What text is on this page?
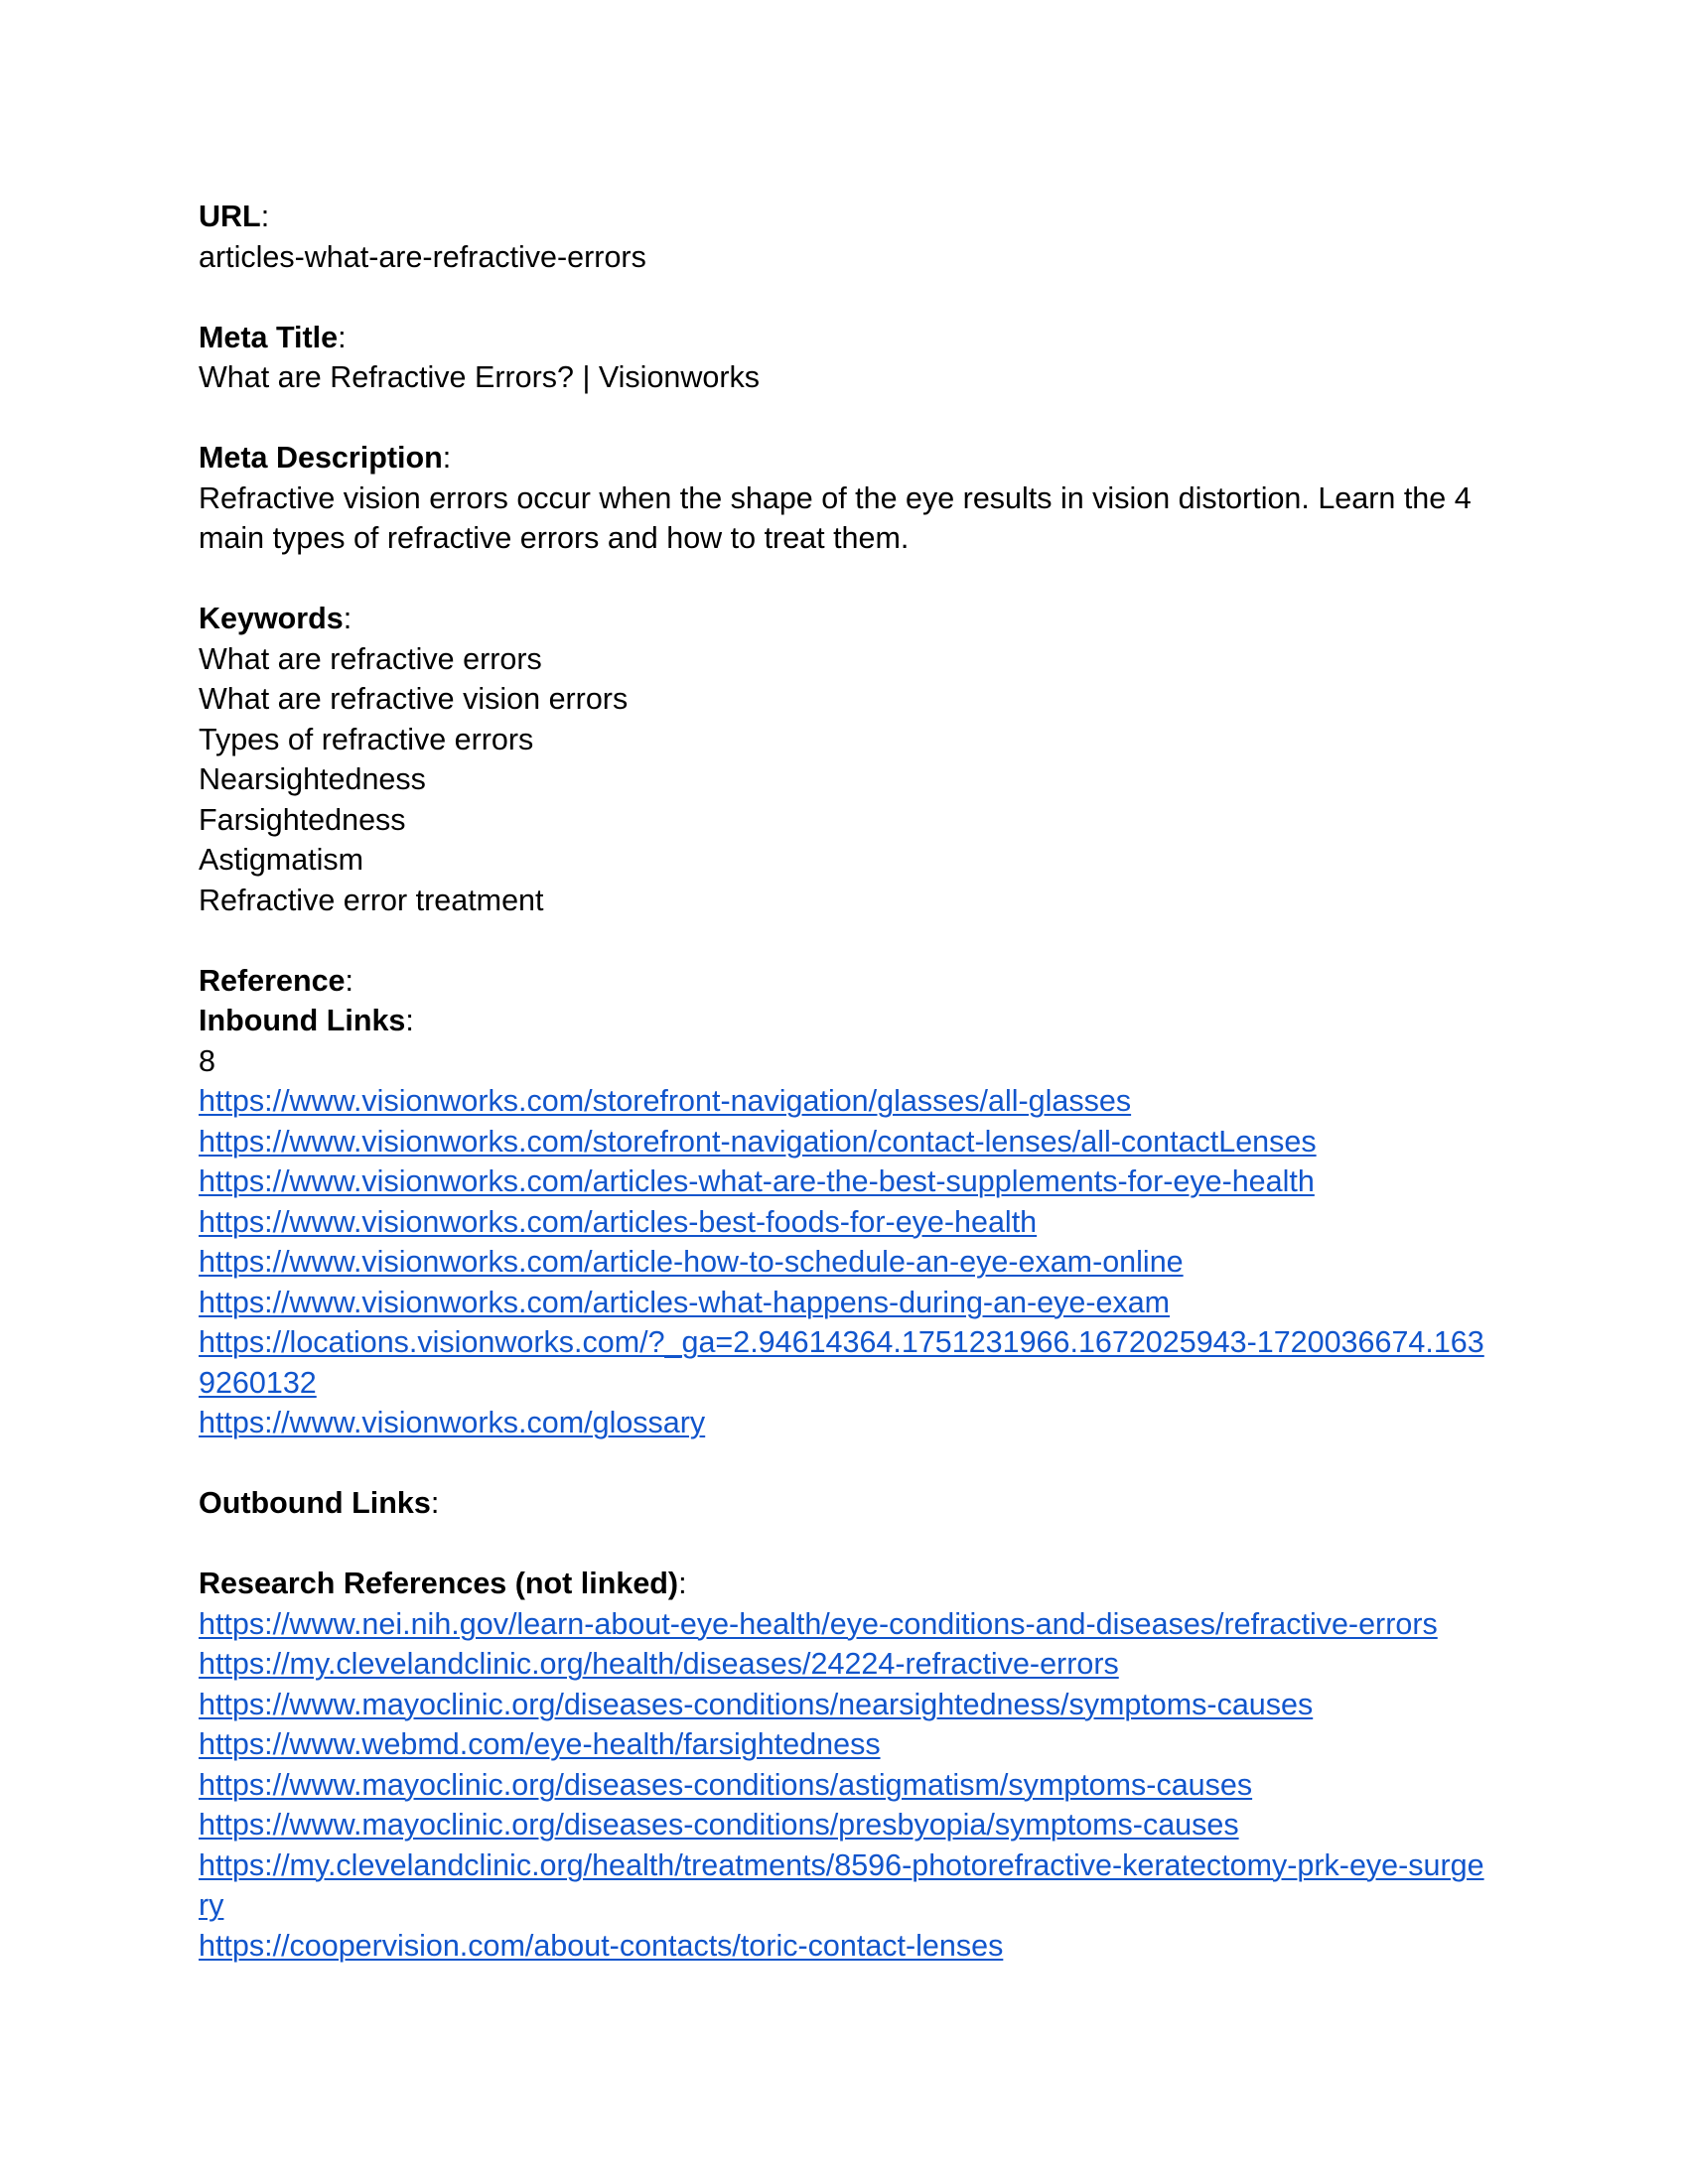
URL:
articles-what-are-refractive-errors
Meta Title:
What are Refractive Errors? | Visionworks
Meta Description:
Refractive vision errors occur when the shape of the eye results in vision distortion. Learn the 4 main types of refractive errors and how to treat them.
Keywords:
What are refractive errors
What are refractive vision errors
Types of refractive errors
Nearsightedness
Farsightedness
Astigmatism
Refractive error treatment
Reference:
Inbound Links:
8
https://www.visionworks.com/storefront-navigation/glasses/all-glasses
https://www.visionworks.com/storefront-navigation/contact-lenses/all-contactLenses
https://www.visionworks.com/articles-what-are-the-best-supplements-for-eye-health
https://www.visionworks.com/articles-best-foods-for-eye-health
https://www.visionworks.com/article-how-to-schedule-an-eye-exam-online
https://www.visionworks.com/articles-what-happens-during-an-eye-exam
https://locations.visionworks.com/?_ga=2.94614364.1751231966.1672025943-1720036674.1639260132
https://www.visionworks.com/glossary
Outbound Links:
Research References (not linked):
https://www.nei.nih.gov/learn-about-eye-health/eye-conditions-and-diseases/refractive-errors
https://my.clevelandclinic.org/health/diseases/24224-refractive-errors
https://www.mayoclinic.org/diseases-conditions/nearsightedness/symptoms-causes
https://www.webmd.com/eye-health/farsightedness
https://www.mayoclinic.org/diseases-conditions/astigmatism/symptoms-causes
https://www.mayoclinic.org/diseases-conditions/presbyopia/symptoms-causes
https://my.clevelandclinic.org/health/treatments/8596-photorefractive-keratectomy-prk-eye-surgery
https://coopervision.com/about-contacts/toric-contact-lenses
